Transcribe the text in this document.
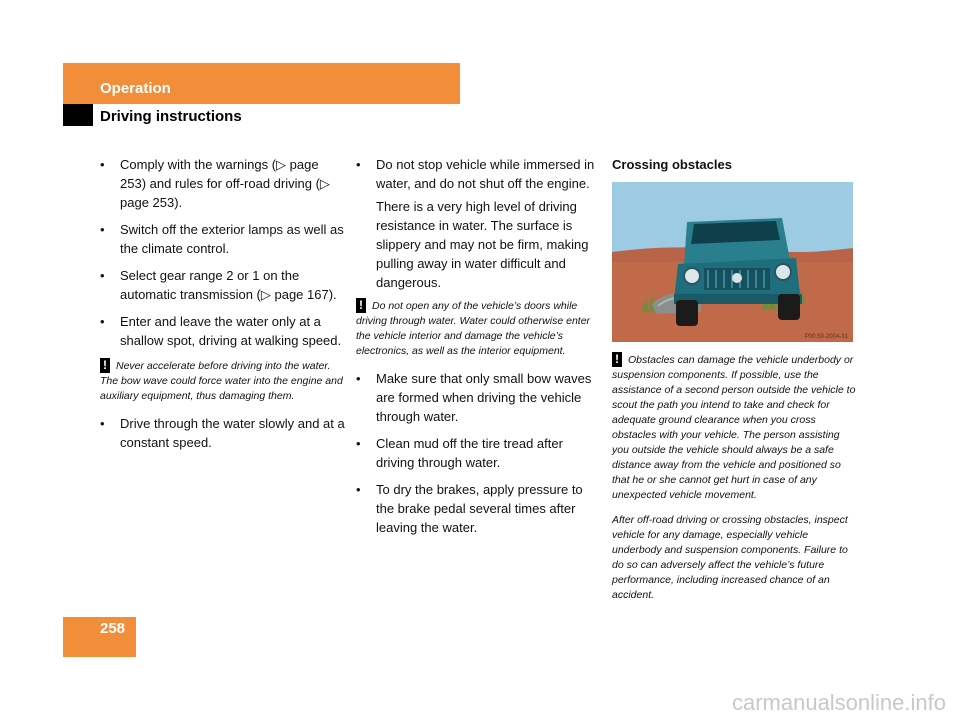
Operation
Driving instructions
• Comply with the warnings (▷ page 253) and rules for off-road driving (▷ page 253).
• Switch off the exterior lamps as well as the climate control.
• Select gear range 2 or 1 on the automatic transmission (▷ page 167).
• Enter and leave the water only at a shallow spot, driving at walking speed.

! Never accelerate before driving into the water. The bow wave could force water into the engine and auxiliary equipment, thus damaging them.

• Drive through the water slowly and at a constant speed.
• Do not stop vehicle while immersed in water, and do not shut off the engine.

There is a very high level of driving resistance in water. The surface is slippery and may not be firm, making pulling away in water difficult and dangerous.

! Do not open any of the vehicle’s doors while driving through water. Water could otherwise enter the vehicle interior and damage the vehicle’s electronics, as well as the interior equipment.

• Make sure that only small bow waves are formed when driving the vehicle through water.
• Clean mud off the tire tread after driving through water.
• To dry the brakes, apply pressure to the brake pedal several times after leaving the water.

Crossing obstacles

P00.50-2004-31

! Obstacles can damage the vehicle underbody or suspension components. If possible, use the assistance of a second person outside the vehicle to scout the path you intend to take and check for adequate ground clearance when you cross obstacles with your vehicle. The person assisting you outside the vehicle should always be a safe distance away from the vehicle and positioned so that he or she cannot get hurt in case of any unexpected vehicle movement.

After off-road driving or crossing obstacles, inspect vehicle for any damage, especially vehicle underbody and suspension components. Failure to do so can adversely affect the vehicle’s future performance, including increased chance of an accident.

258
carmanualsonline.info
